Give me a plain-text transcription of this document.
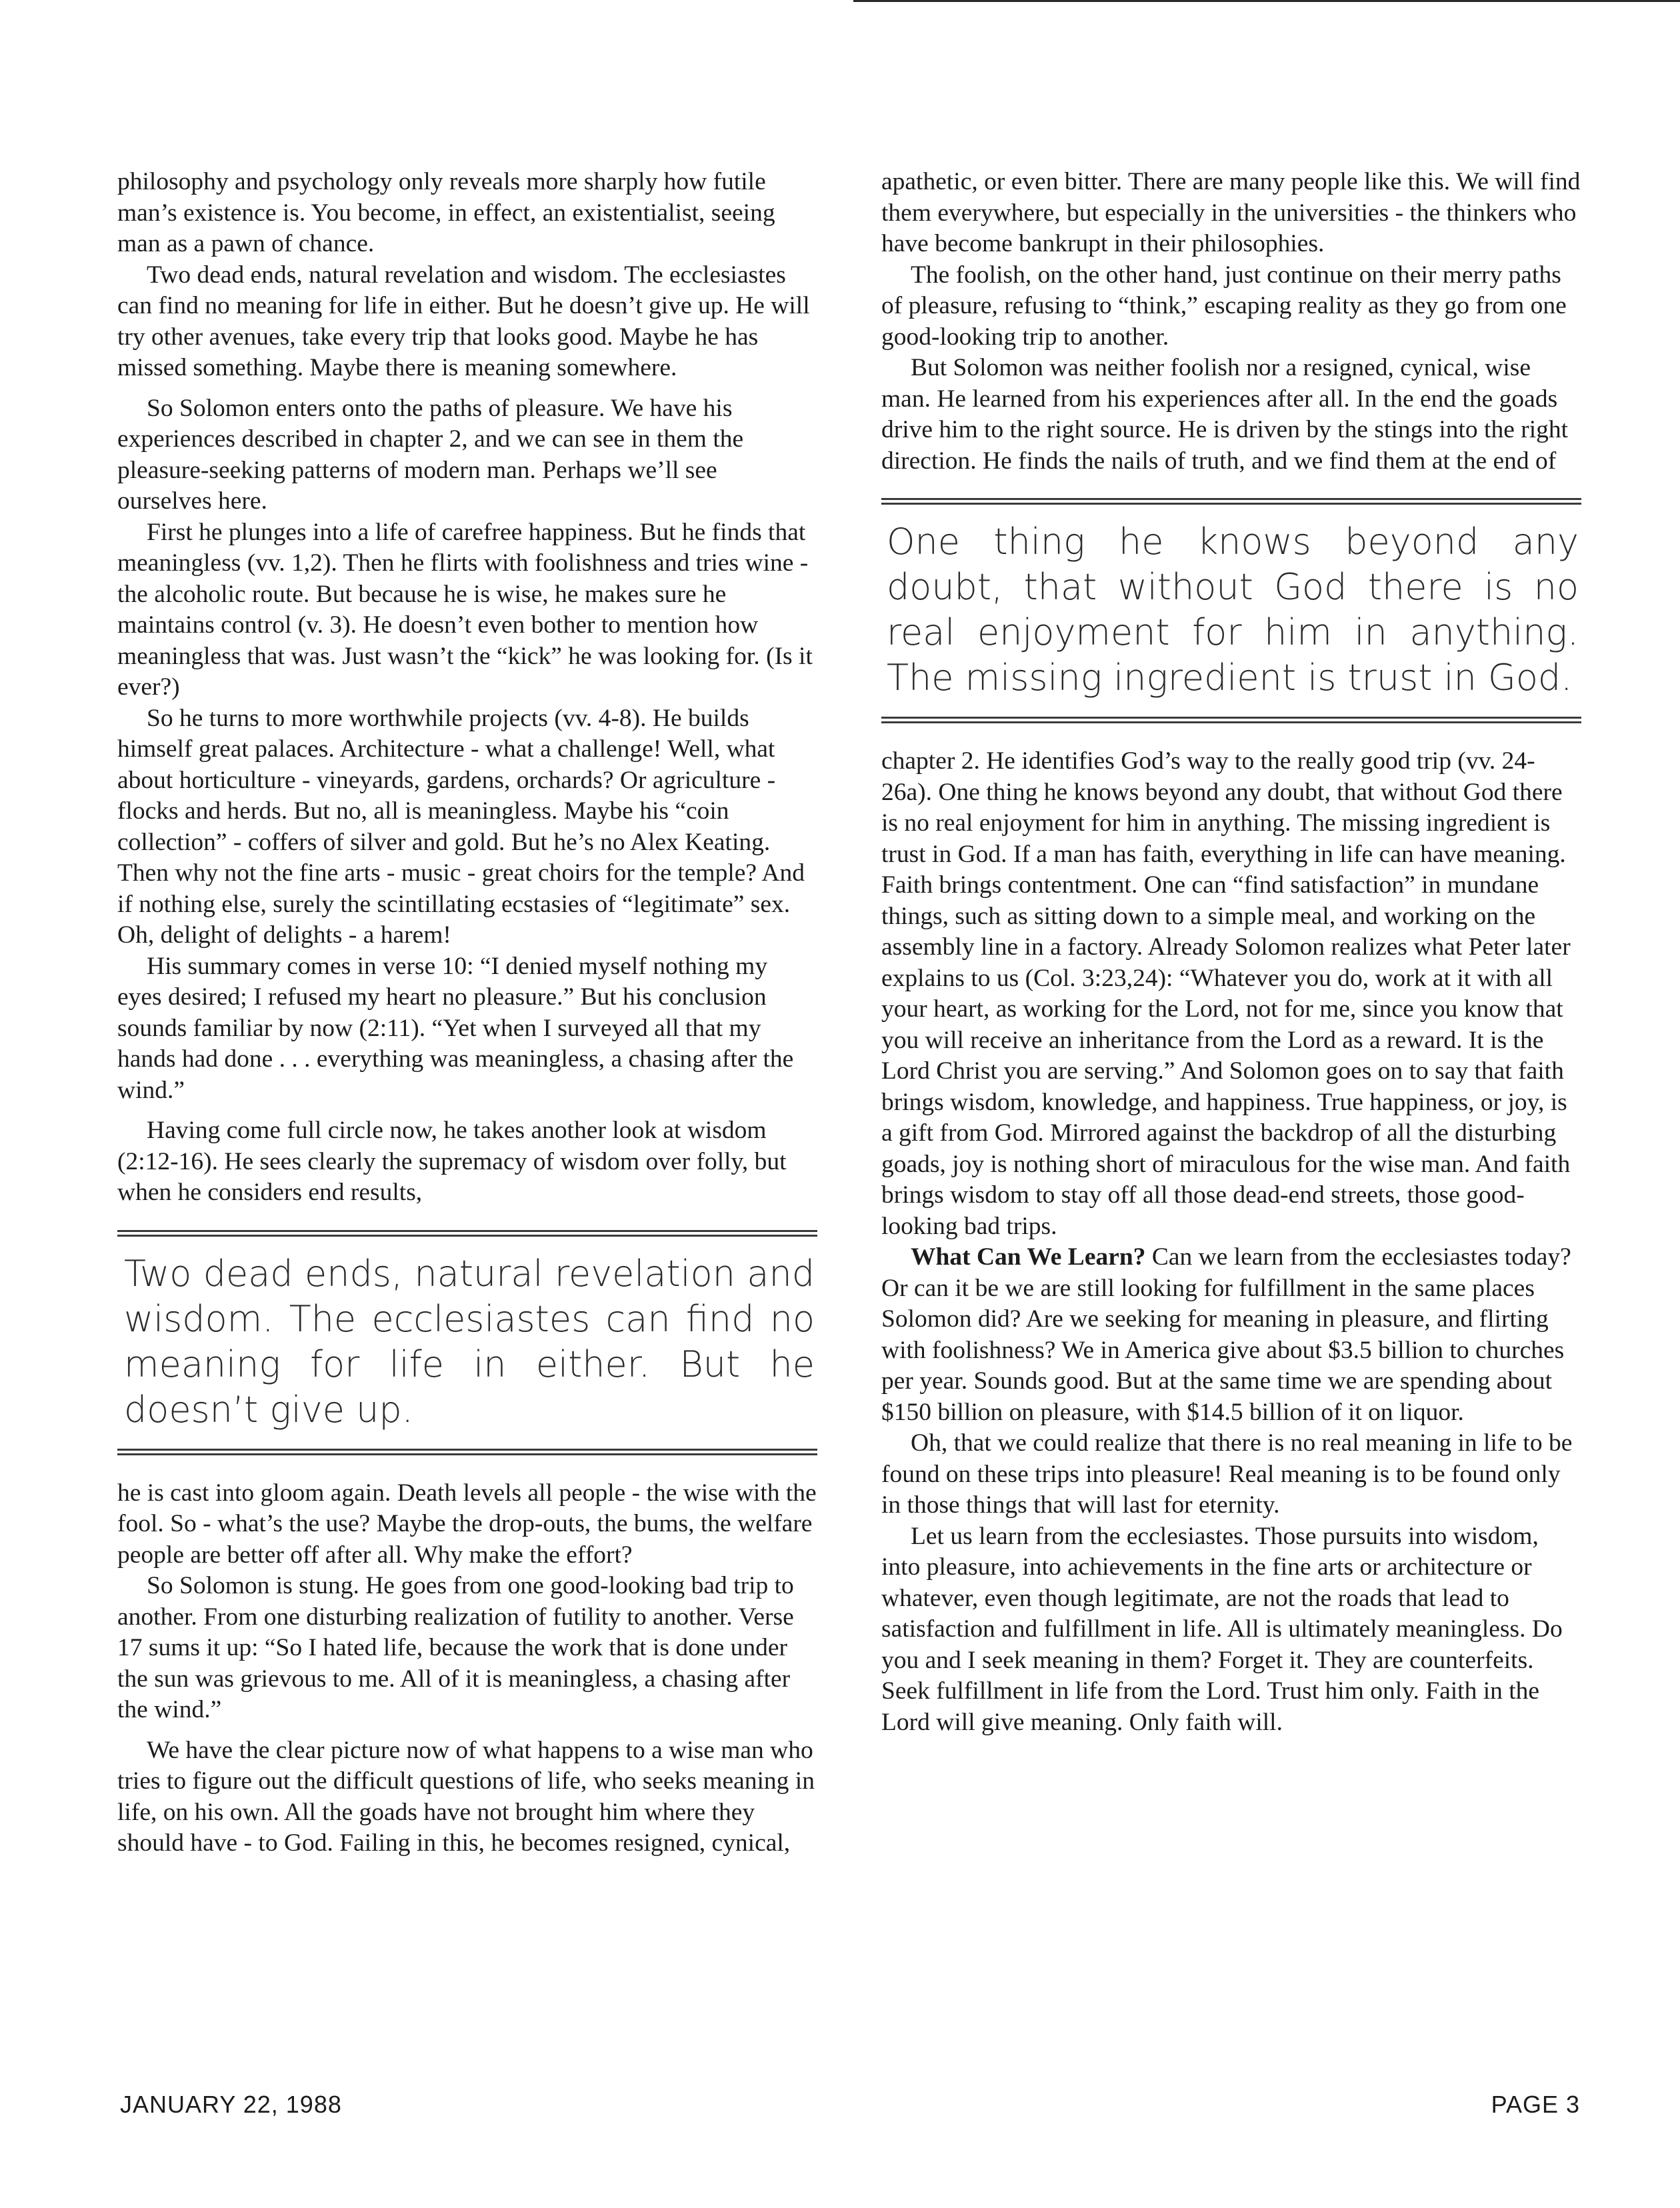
philosophy and psychology only reveals more sharply how futile man’s existence is. You become, in effect, an existentialist, seeing man as a pawn of chance.

Two dead ends, natural revelation and wisdom. The ecclesiastes can find no meaning for life in either. But he doesn’t give up. He will try other avenues, take every trip that looks good. Maybe he has missed something. Maybe there is meaning somewhere.

So Solomon enters onto the paths of pleasure. We have his experiences described in chapter 2, and we can see in them the pleasure-seeking patterns of modern man. Perhaps we’ll see ourselves here.

First he plunges into a life of carefree happiness. But he finds that meaningless (vv. 1,2). Then he flirts with foolishness and tries wine - the alcoholic route. But because he is wise, he makes sure he maintains control (v. 3). He doesn’t even bother to mention how meaningless that was. Just wasn’t the “kick” he was looking for. (Is it ever?)

So he turns to more worthwhile projects (vv. 4-8). He builds himself great palaces. Architecture - what a challenge! Well, what about horticulture - vineyards, gardens, orchards? Or agriculture - flocks and herds. But no, all is meaningless. Maybe his “coin collection” - coffers of silver and gold. But he’s no Alex Keating. Then why not the fine arts - music - great choirs for the temple? And if nothing else, surely the scintillating ecstasies of “legitimate” sex. Oh, delight of delights - a harem!

His summary comes in verse 10: “I denied myself nothing my eyes desired; I refused my heart no pleasure.” But his conclusion sounds familiar by now (2:11). “Yet when I surveyed all that my hands had done . . . everything was meaningless, a chasing after the wind.”

Having come full circle now, he takes another look at wisdom (2:12-16). He sees clearly the supremacy of wisdom over folly, but when he considers end results,

Two dead ends, natural revelation and wisdom. The ecclesiastes can find no meaning for life in either. But he doesn’t give up.

he is cast into gloom again. Death levels all people - the wise with the fool. So - what’s the use? Maybe the drop-outs, the bums, the welfare people are better off after all. Why make the effort?

So Solomon is stung. He goes from one good-looking bad trip to another. From one disturbing realization of futility to another. Verse 17 sums it up: “So I hated life, because the work that is done under the sun was grievous to me. All of it is meaningless, a chasing after the wind.”

We have the clear picture now of what happens to a wise man who tries to figure out the difficult questions of life, who seeks meaning in life, on his own. All the goads have not brought him where they should have - to God. Failing in this, he becomes resigned, cynical,

apathetic, or even bitter. There are many people like this. We will find them everywhere, but especially in the universities - the thinkers who have become bankrupt in their philosophies.

The foolish, on the other hand, just continue on their merry paths of pleasure, refusing to “think,” escaping reality as they go from one good-looking trip to another.

But Solomon was neither foolish nor a resigned, cynical, wise man. He learned from his experiences after all. In the end the goads drive him to the right source. He is driven by the stings into the right direction. He finds the nails of truth, and we find them at the end of

One thing he knows beyond any doubt, that without God there is no real enjoyment for him in anything. The missing ingredient is trust in God.

chapter 2. He identifies God’s way to the really good trip (vv. 24-26a). One thing he knows beyond any doubt, that without God there is no real enjoyment for him in anything. The missing ingredient is trust in God. If a man has faith, everything in life can have meaning. Faith brings contentment. One can “find satisfaction” in mundane things, such as sitting down to a simple meal, and working on the assembly line in a factory. Already Solomon realizes what Peter later explains to us (Col. 3:23,24): “Whatever you do, work at it with all your heart, as working for the Lord, not for me, since you know that you will receive an inheritance from the Lord as a reward. It is the Lord Christ you are serving.” And Solomon goes on to say that faith brings wisdom, knowledge, and happiness. True happiness, or joy, is a gift from God. Mirrored against the backdrop of all the disturbing goads, joy is nothing short of miraculous for the wise man. And faith brings wisdom to stay off all those dead-end streets, those good-looking bad trips.

What Can We Learn? Can we learn from the ecclesiastes today? Or can it be we are still looking for fulfillment in the same places Solomon did? Are we seeking for meaning in pleasure, and flirting with foolishness? We in America give about $3.5 billion to churches per year. Sounds good. But at the same time we are spending about $150 billion on pleasure, with $14.5 billion of it on liquor.

Oh, that we could realize that there is no real meaning in life to be found on these trips into pleasure! Real meaning is to be found only in those things that will last for eternity.

Let us learn from the ecclesiastes. Those pursuits into wisdom, into pleasure, into achievements in the fine arts or architecture or whatever, even though legitimate, are not the roads that lead to satisfaction and fulfillment in life. All is ultimately meaningless. Do you and I seek meaning in them? Forget it. They are counterfeits. Seek fulfillment in life from the Lord. Trust him only. Faith in the Lord will give meaning. Only faith will.

JANUARY 22, 1988	PAGE 3
